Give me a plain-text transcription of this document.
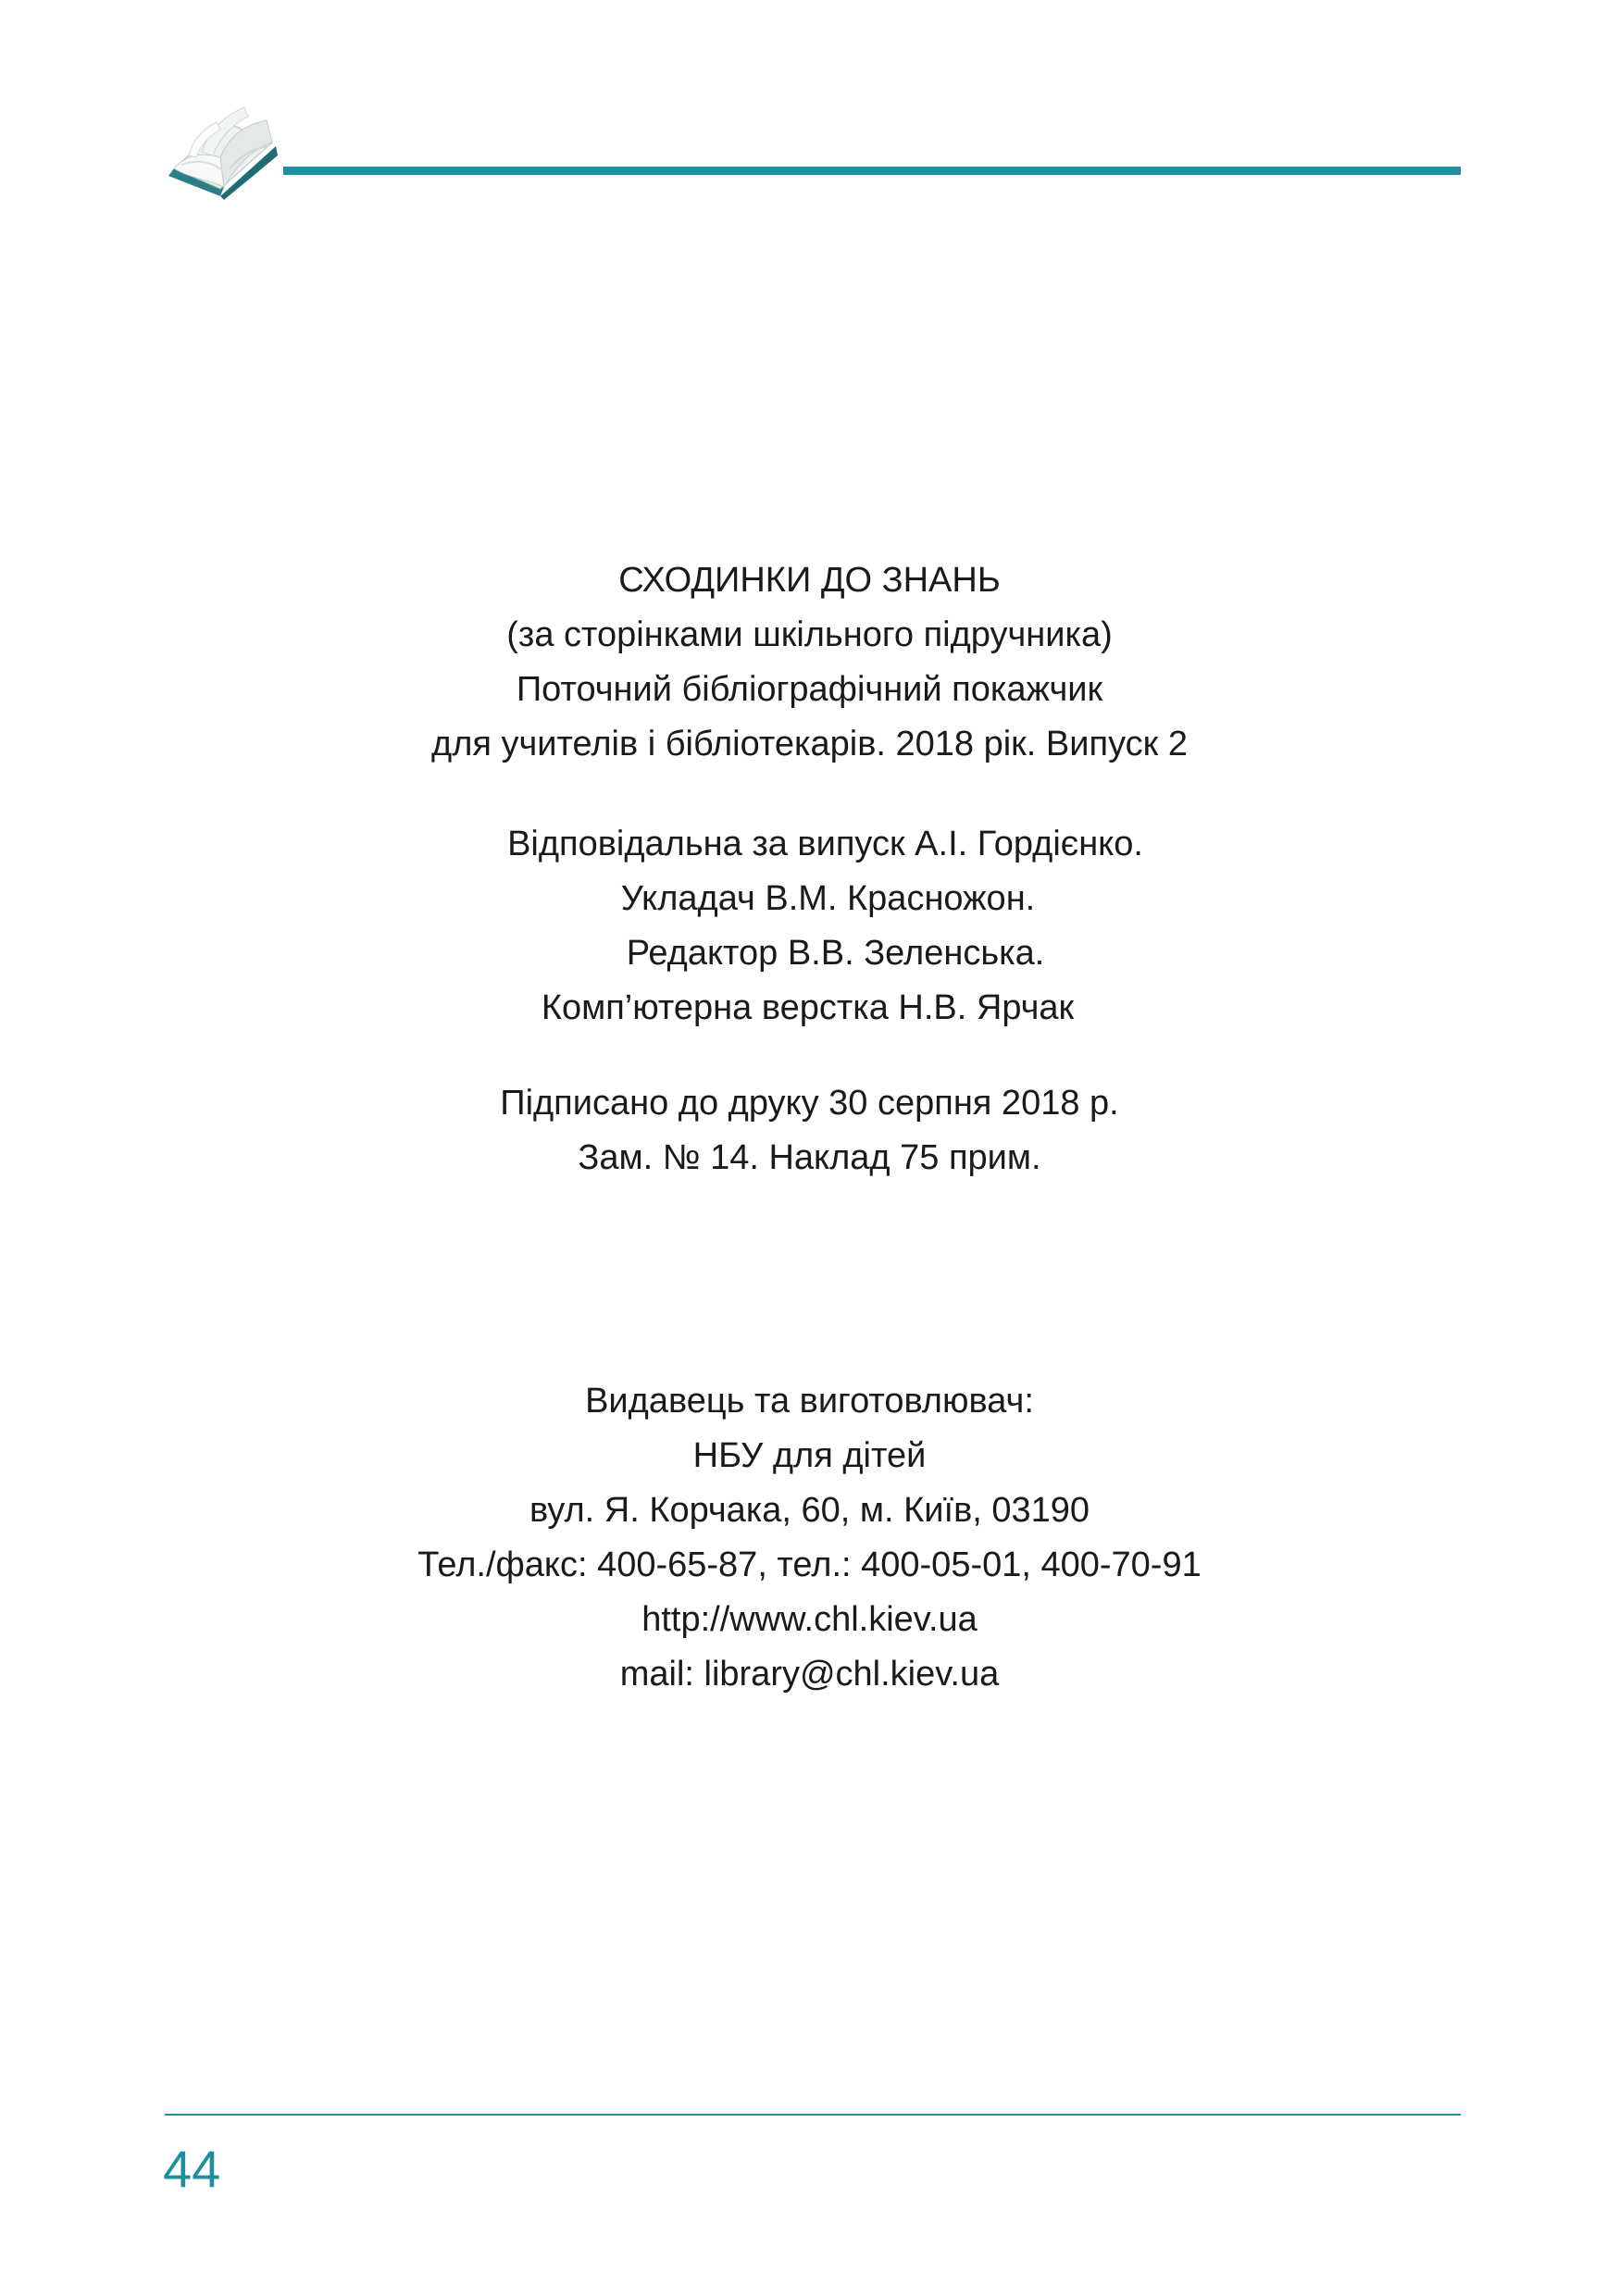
СХОДИНКИ ДО ЗНАНЬ
(за сторінками шкільного підручника)
Поточний бібліографічний покажчик
для учителів і бібліотекарів. 2018 рік. Випуск 2
Відповідальна за випуск А.І. Гордієнко.
Укладач В.М. Красножон.
Редактор В.В. Зеленська.
Комп’ютерна верстка Н.В. Ярчак
Підписано до друку 30 серпня 2018 р.
Зам. № 14. Наклад 75 прим.
Видавець та виготовлювач:
НБУ для дітей
вул. Я. Корчака, 60, м. Київ, 03190
Тел./факс: 400-65-87, тел.: 400-05-01, 400-70-91
http://www.chl.kiev.ua
mail: library@chl.kiev.ua
44
